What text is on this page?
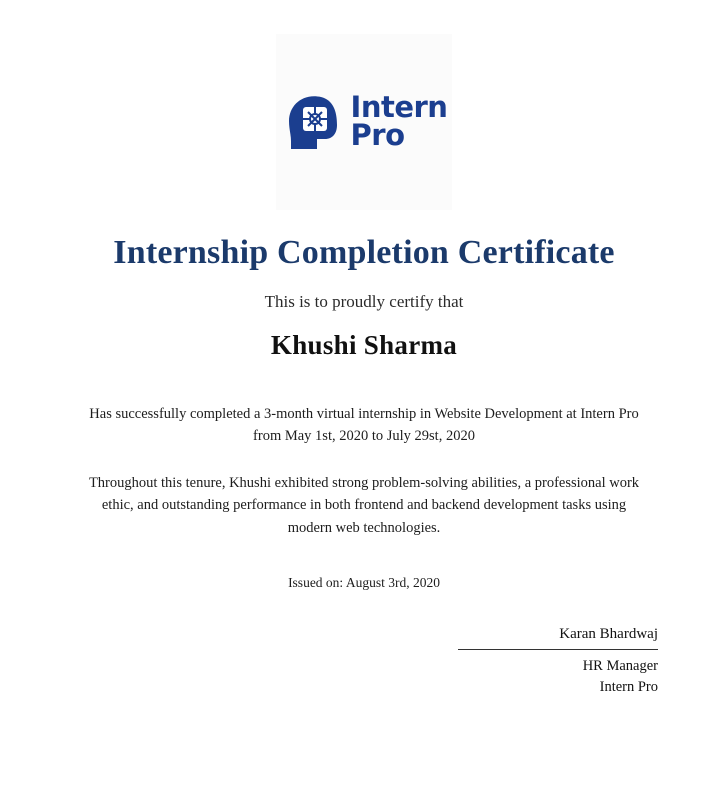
Intern
Pro
Internship Completion Certificate
This is to proudly certify that
Khushi Sharma
Has successfully completed a 3-month virtual internship in Website Development at Intern Pro from May 1st, 2020 to July 29st, 2020
Throughout this tenure, Khushi exhibited strong problem-solving abilities, a professional work ethic, and outstanding performance in both frontend and backend development tasks using modern web technologies.
Issued on: August 3rd, 2020
Karan Bhardwaj
HR Manager
Intern Pro
